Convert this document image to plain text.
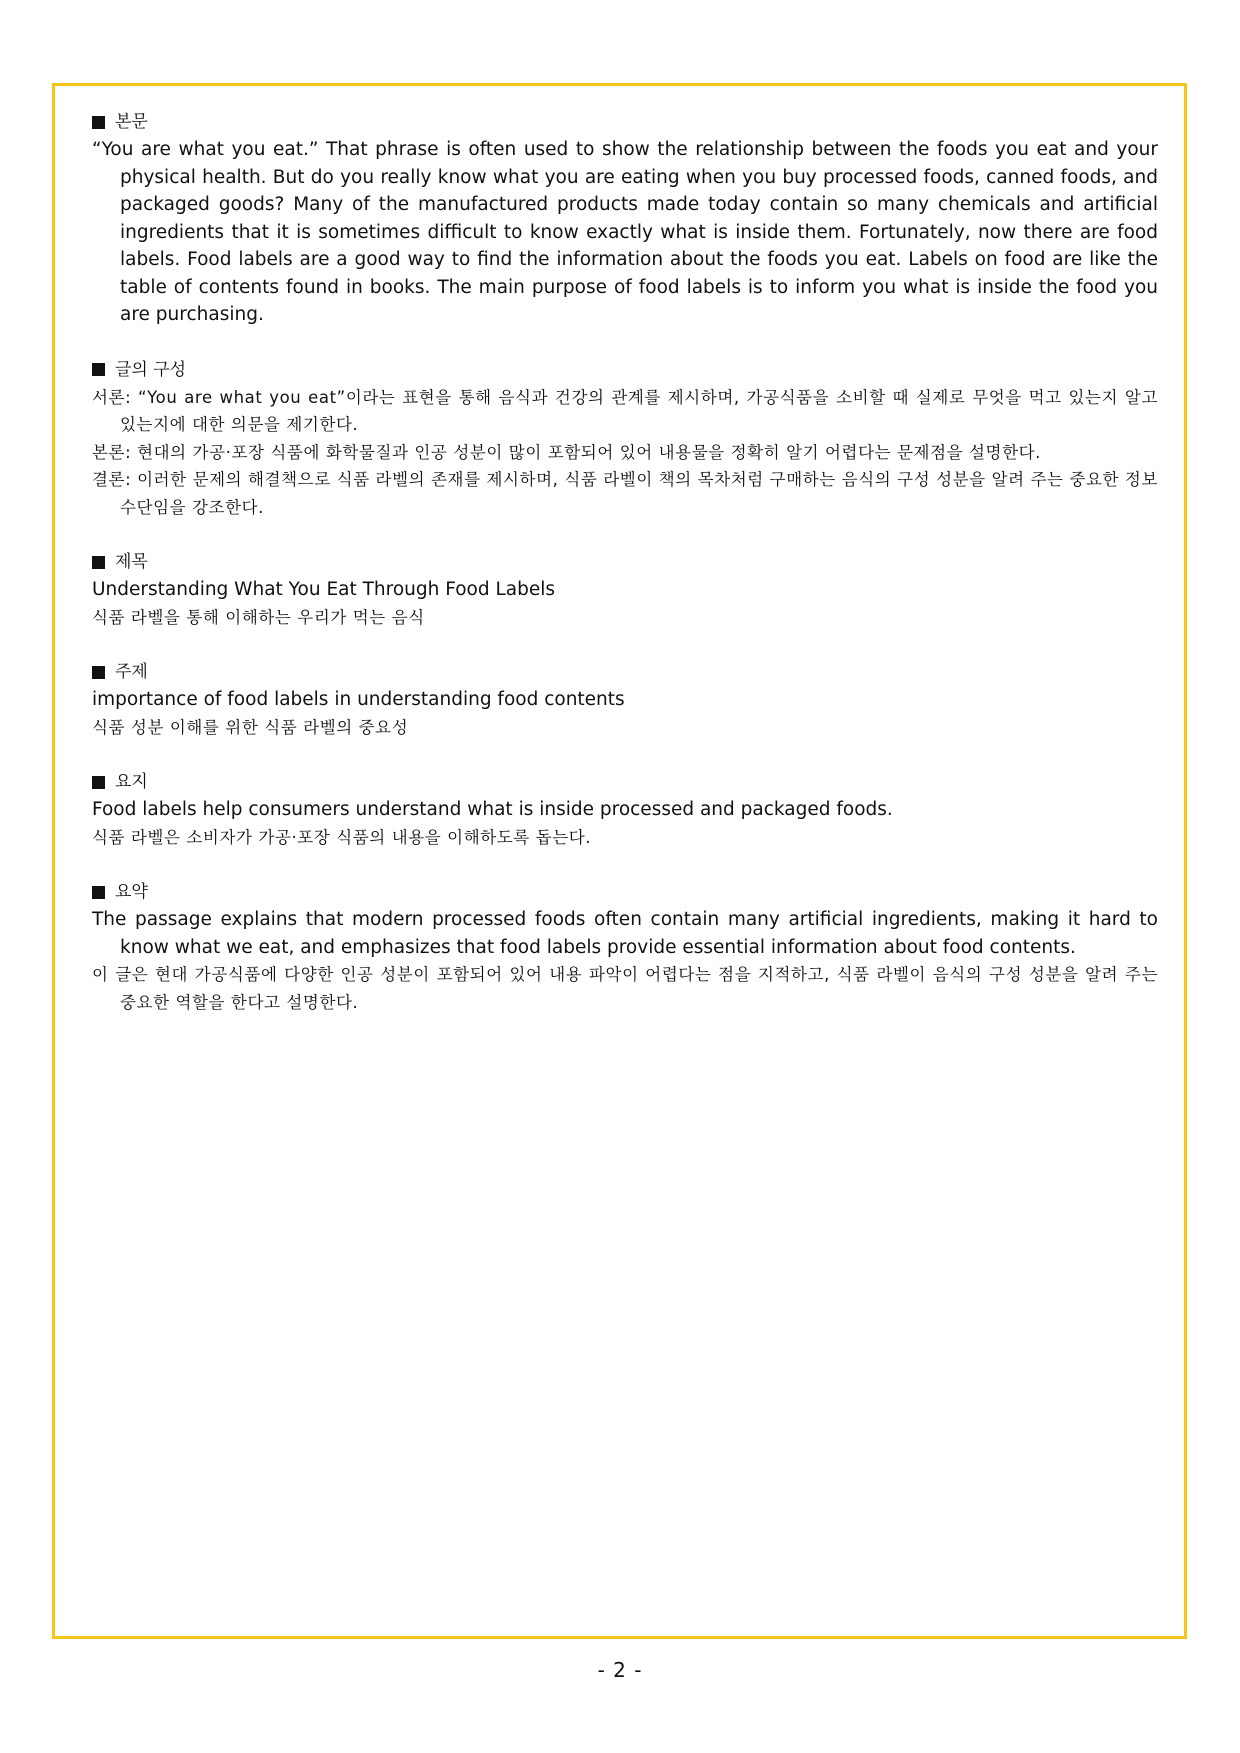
본문

“You are what you eat.” That phrase is often used to show the relationship between the foods you eat and your physical health. But do you really know what you are eating when you buy processed foods, canned foods, and packaged goods? Many of the manufactured products made today contain so many chemicals and artificial ingredients that it is sometimes difficult to know exactly what is inside them. Fortunately, now there are food labels. Food labels are a good way to find the information about the foods you eat. Labels on food are like the table of contents found in books. The main purpose of food labels is to inform you what is inside the food you are purchasing.

글의 구성

서론: “You are what you eat”이라는 표현을 통해 음식과 건강의 관계를 제시하며, 가공식품을 소비할 때 실제로 무엇을 먹고 있는지 알고 있는지에 대한 의문을 제기한다.

본론: 현대의 가공·포장 식품에 화학물질과 인공 성분이 많이 포함되어 있어 내용물을 정확히 알기 어렵다는 문제점을 설명한다.

결론: 이러한 문제의 해결책으로 식품 라벨의 존재를 제시하며, 식품 라벨이 책의 목차처럼 구매하는 음식의 구성 성분을 알려 주는 중요한 정보 수단임을 강조한다.

제목

Understanding What You Eat Through Food Labels

식품 라벨을 통해 이해하는 우리가 먹는 음식

주제

importance of food labels in understanding food contents

식품 성분 이해를 위한 식품 라벨의 중요성

요지

Food labels help consumers understand what is inside processed and packaged foods.

식품 라벨은 소비자가 가공·포장 식품의 내용을 이해하도록 돕는다.

요약

The passage explains that modern processed foods often contain many artificial ingredients, making it hard to know what we eat, and emphasizes that food labels provide essential information about food contents.

이 글은 현대 가공식품에 다양한 인공 성분이 포함되어 있어 내용 파악이 어렵다는 점을 지적하고, 식품 라벨이 음식의 구성 성분을 알려 주는 중요한 역할을 한다고 설명한다.

- 2 -
